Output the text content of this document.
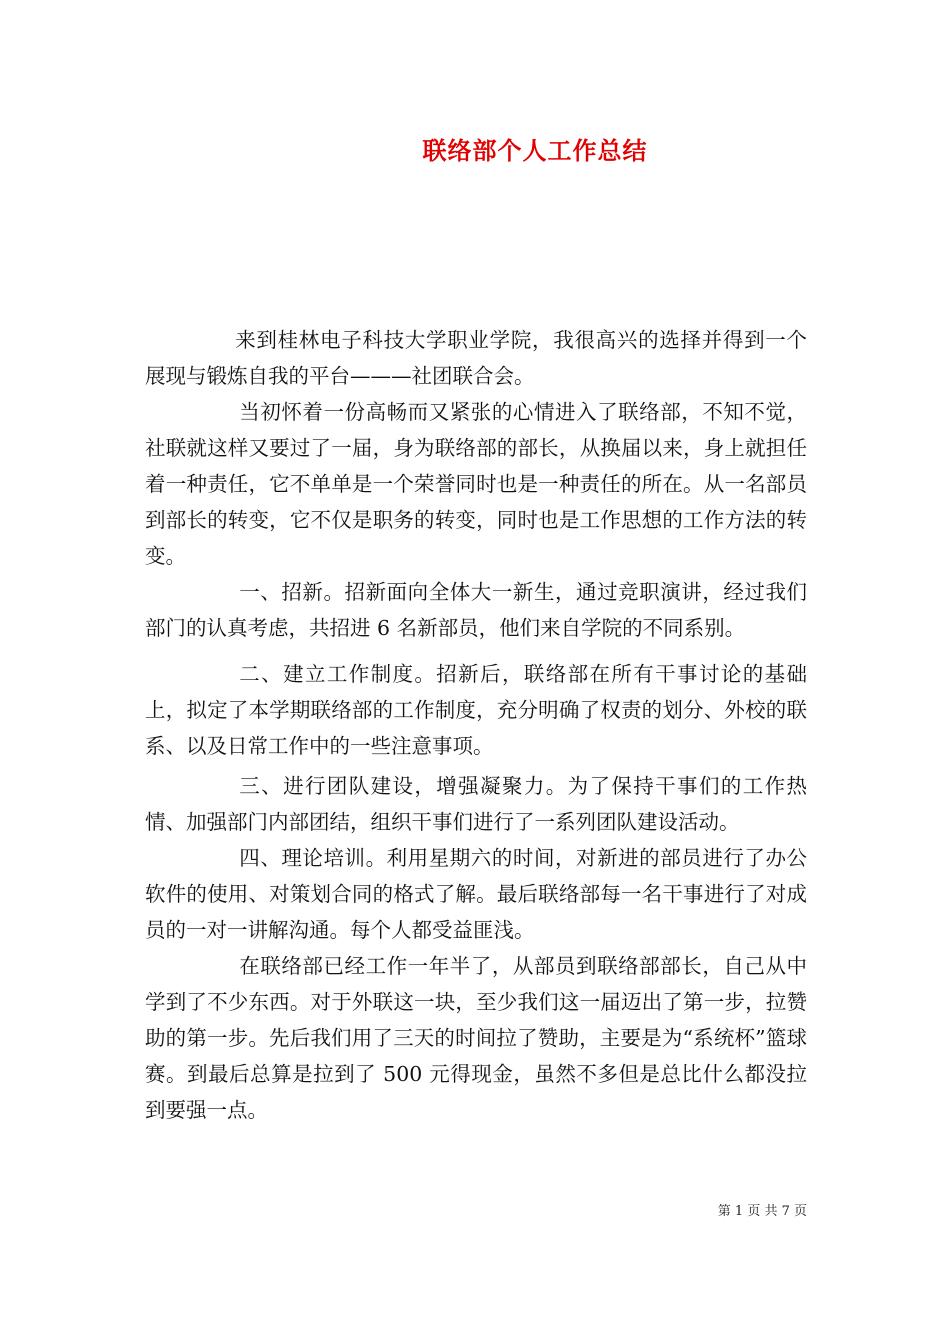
联络部个人工作总结

来到桂林电子科技大学职业学院，我很高兴的选择并得到一个展现与锻炼自我的平台———社团联合会。

当初怀着一份高畅而又紧张的心情进入了联络部，不知不觉，社联就这样又要过了一届，身为联络部的部长，从换届以来，身上就担任着一种责任，它不单单是一个荣誉同时也是一种责任的所在。从一名部员到部长的转变，它不仅是职务的转变，同时也是工作思想的工作方法的转变。

一、招新。招新面向全体大一新生，通过竞职演讲，经过我们部门的认真考虑，共招进 6 名新部员，他们来自学院的不同系别。

二、建立工作制度。招新后，联络部在所有干事讨论的基础上，拟定了本学期联络部的工作制度，充分明确了权责的划分、外校的联系、以及日常工作中的一些注意事项。

三、进行团队建设，增强凝聚力。为了保持干事们的工作热情、加强部门内部团结，组织干事们进行了一系列团队建设活动。

四、理论培训。利用星期六的时间，对新进的部员进行了办公软件的使用、对策划合同的格式了解。最后联络部每一名干事进行了对成员的一对一讲解沟通。每个人都受益匪浅。

在联络部已经工作一年半了，从部员到联络部部长，自己从中学到了不少东西。对于外联这一块，至少我们这一届迈出了第一步，拉赞助的第一步。先后我们用了三天的时间拉了赞助，主要是为“系统杯”篮球赛。到最后总算是拉到了 500 元得现金，虽然不多但是总比什么都没拉到要强一点。

第 1 页 共 7 页
